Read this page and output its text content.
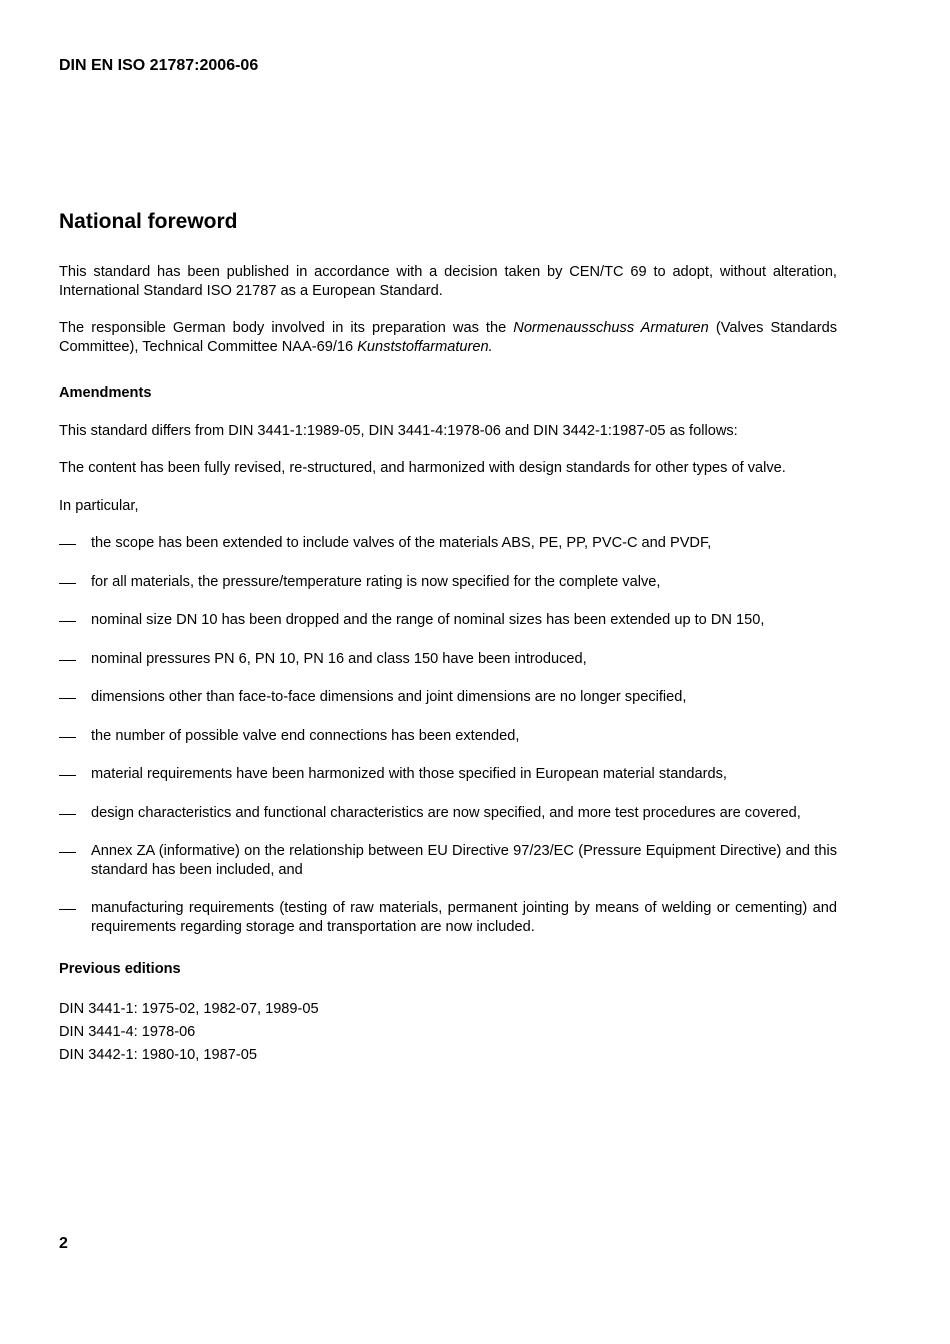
DIN EN ISO 21787:2006-06
National foreword

This standard has been published in accordance with a decision taken by CEN/TC 69 to adopt, without alteration, International Standard ISO 21787 as a European Standard.

The responsible German body involved in its preparation was the Normenausschuss Armaturen (Valves Standards Committee), Technical Committee NAA-69/16 Kunststoffarmaturen.

Amendments

This standard differs from DIN 3441-1:1989-05, DIN 3441-4:1978-06 and DIN 3442-1:1987-05 as follows:

The content has been fully revised, re-structured, and harmonized with design standards for other types of valve.

In particular,

the scope has been extended to include valves of the materials ABS, PE, PP, PVC-C and PVDF,
for all materials, the pressure/temperature rating is now specified for the complete valve,
nominal size DN 10 has been dropped and the range of nominal sizes has been extended up to DN 150,
nominal pressures PN 6, PN 10, PN 16 and class 150 have been introduced,
dimensions other than face-to-face dimensions and joint dimensions are no longer specified,
the number of possible valve end connections has been extended,
material requirements have been harmonized with those specified in European material standards,
design characteristics and functional characteristics are now specified, and more test procedures are covered,
Annex ZA (informative) on the relationship between EU Directive 97/23/EC (Pressure Equipment Directive) and this standard has been included, and
manufacturing requirements (testing of raw materials, permanent jointing by means of welding or cementing) and requirements regarding storage and transportation are now included.
Previous editions
DIN 3441-1: 1975-02, 1982-07, 1989-05
DIN 3441-4: 1978-06
DIN 3442-1: 1980-10, 1987-05
2
